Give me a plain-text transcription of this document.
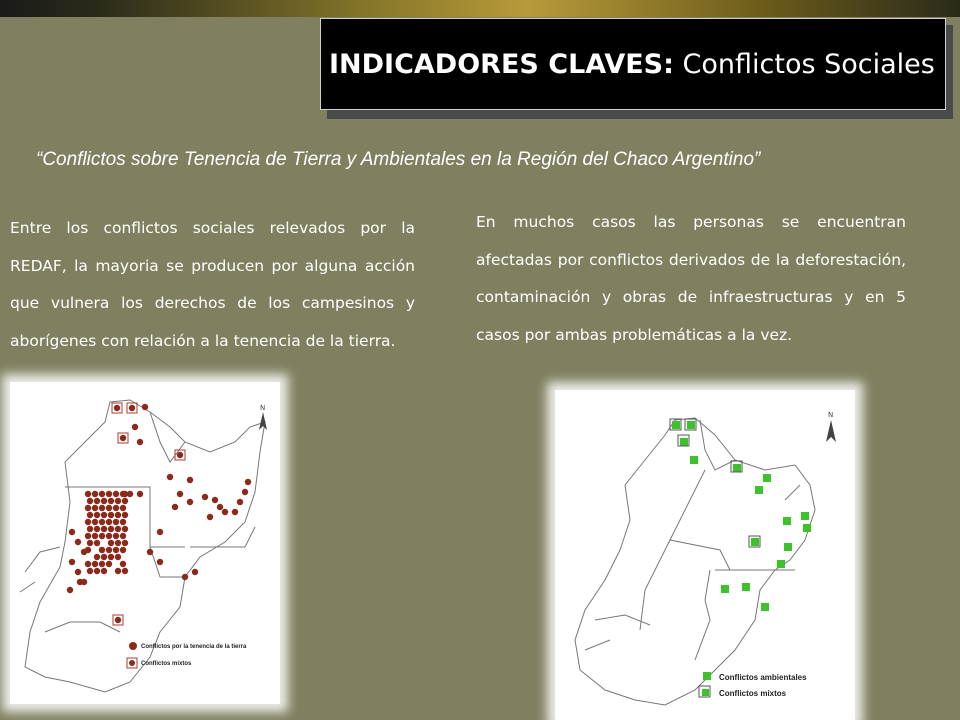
INDICADORES CLAVES:
Conflictos Sociales
“Conflictos sobre Tenencia de Tierra y Ambientales en la Región del Chaco Argentino”
Entre los conflictos sociales relevados por la REDAF, la mayoria se producen por alguna acción que vulnera los derechos de los campesinos y aborígenes con relación a la tenencia de la tierra.
En muchos casos las personas se encuentran afectadas por conflictos derivados de la deforestación, contaminación y obras de infraestructuras y en 5 casos por ambas problemáticas a la vez.
N
Conflictos por la tenencia de la tierra
Conflictos mixtos
N
Conflictos ambientales
Conflictos mixtos
